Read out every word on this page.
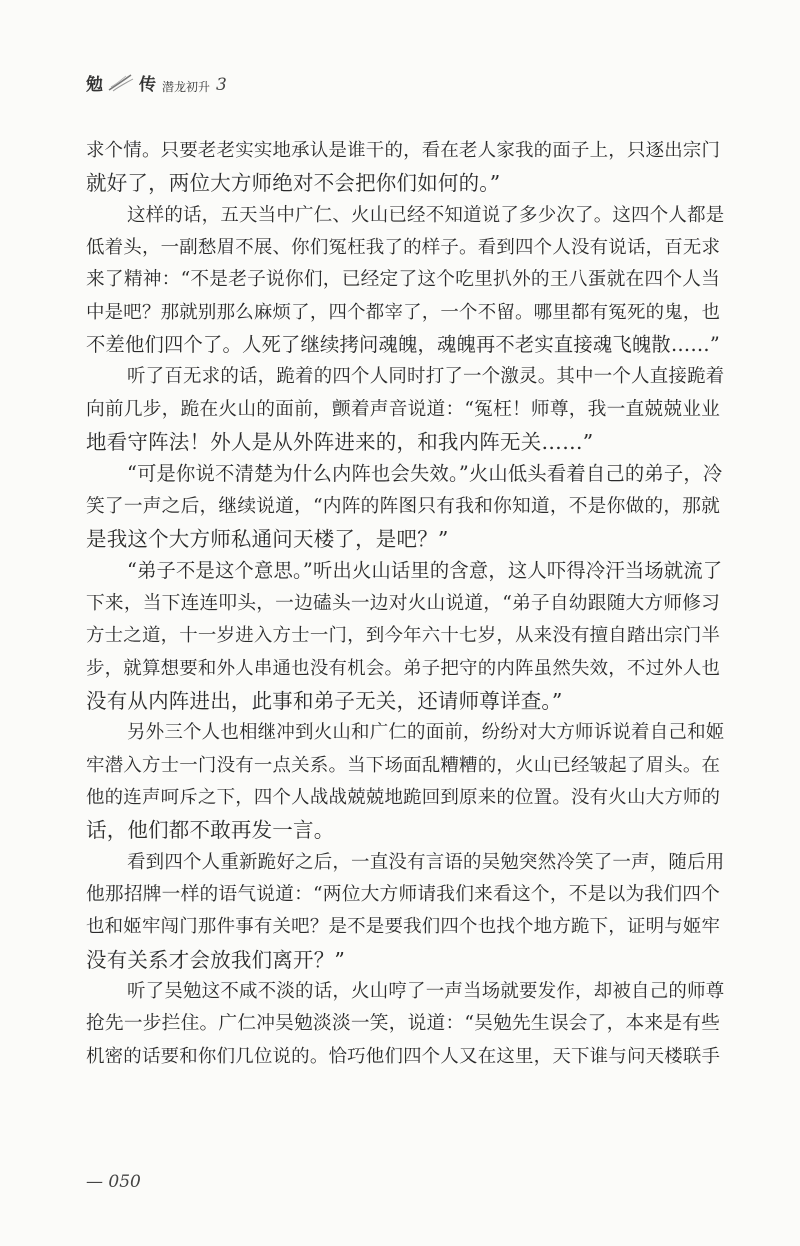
勉 传 潜龙初升 3
求个情。只要老老实实地承认是谁干的，看在老人家我的面子上，只逐出宗门
就好了，两位大方师绝对不会把你们如何的。”
这样的话，五天当中广仁、火山已经不知道说了多少次了。这四个人都是
低着头，一副愁眉不展、你们冤枉我了的样子。看到四个人没有说话，百无求
来了精神：“不是老子说你们，已经定了这个吃里扒外的王八蛋就在四个人当
中是吧？那就别那么麻烦了，四个都宰了，一个不留。哪里都有冤死的鬼，也
不差他们四个了。人死了继续拷问魂魄，魂魄再不老实直接魂飞魄散……”
听了百无求的话，跪着的四个人同时打了一个激灵。其中一个人直接跪着
向前几步，跪在火山的面前，颤着声音说道：“冤枉！师尊，我一直兢兢业业
地看守阵法！外人是从外阵进来的，和我内阵无关……”
“可是你说不清楚为什么内阵也会失效。”火山低头看着自己的弟子，冷
笑了一声之后，继续说道，“内阵的阵图只有我和你知道，不是你做的，那就
是我这个大方师私通问天楼了，是吧？”
“弟子不是这个意思。”听出火山话里的含意，这人吓得冷汗当场就流了
下来，当下连连叩头，一边磕头一边对火山说道，“弟子自幼跟随大方师修习
方士之道，十一岁进入方士一门，到今年六十七岁，从来没有擅自踏出宗门半
步，就算想要和外人串通也没有机会。弟子把守的内阵虽然失效，不过外人也
没有从内阵进出，此事和弟子无关，还请师尊详查。”
另外三个人也相继冲到火山和广仁的面前，纷纷对大方师诉说着自己和姬
牢潜入方士一门没有一点关系。当下场面乱糟糟的，火山已经皱起了眉头。在
他的连声呵斥之下，四个人战战兢兢地跪回到原来的位置。没有火山大方师的
话，他们都不敢再发一言。
看到四个人重新跪好之后，一直没有言语的吴勉突然冷笑了一声，随后用
他那招牌一样的语气说道：“两位大方师请我们来看这个，不是以为我们四个
也和姬牢闯门那件事有关吧？是不是要我们四个也找个地方跪下，证明与姬牢
没有关系才会放我们离开？”
听了吴勉这不咸不淡的话，火山哼了一声当场就要发作，却被自己的师尊
抢先一步拦住。广仁冲吴勉淡淡一笑，说道：“吴勉先生误会了，本来是有些
机密的话要和你们几位说的。恰巧他们四个人又在这里，天下谁与问天楼联手
— 050
